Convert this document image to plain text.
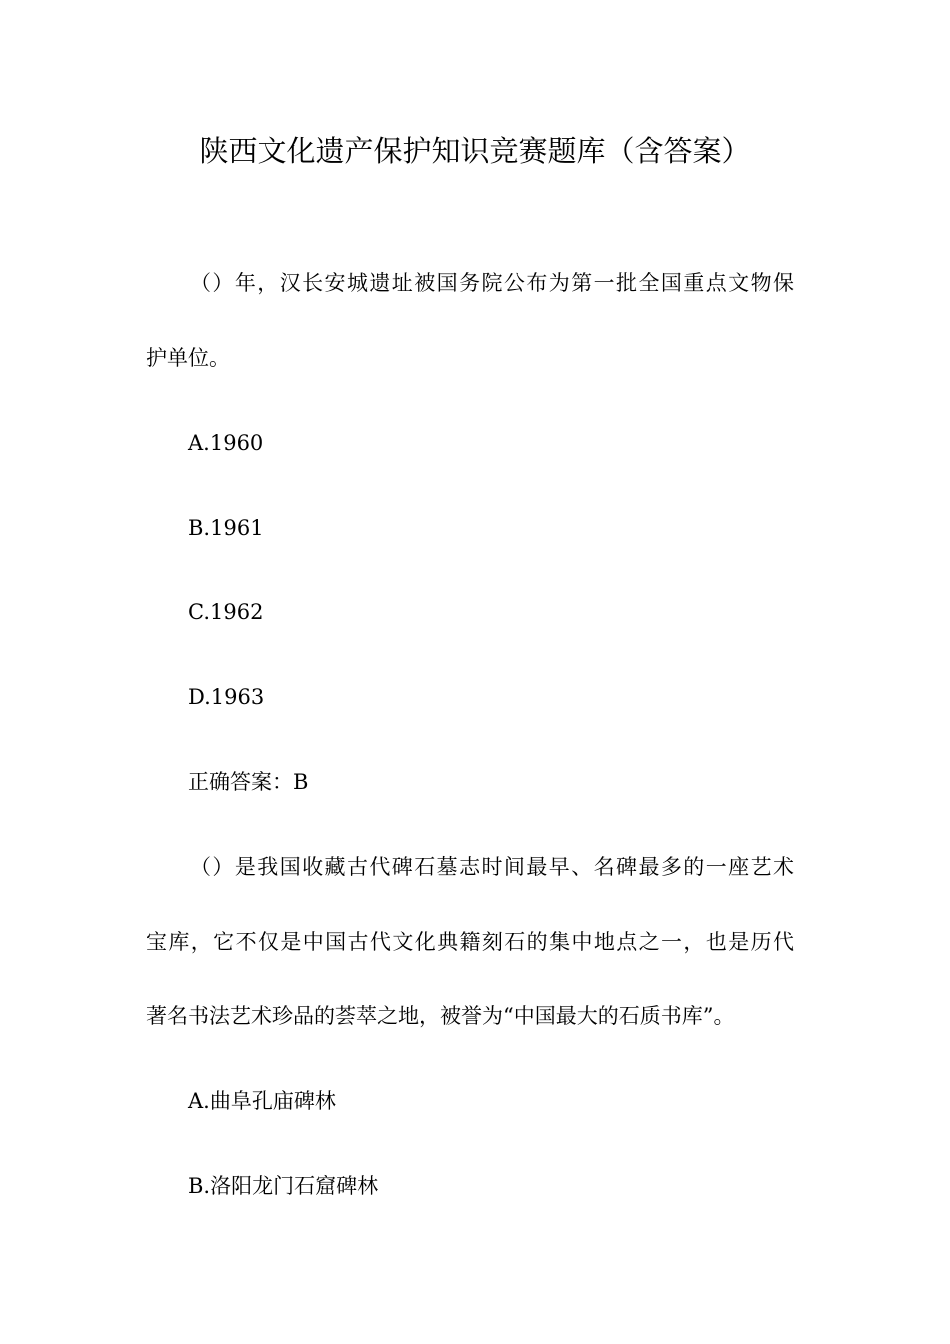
陕西文化遗产保护知识竞赛题库（含答案）
（）年，汉长安城遗址被国务院公布为第一批全国重点文物保
护单位。
A.1960
B.1961
C.1962
D.1963
正确答案：B
（）是我国收藏古代碑石墓志时间最早、名碑最多的一座艺术
宝库，它不仅是中国古代文化典籍刻石的集中地点之一，也是历代
著名书法艺术珍品的荟萃之地，被誉为“中国最大的石质书库”。
A.曲阜孔庙碑林
B.洛阳龙门石窟碑林
